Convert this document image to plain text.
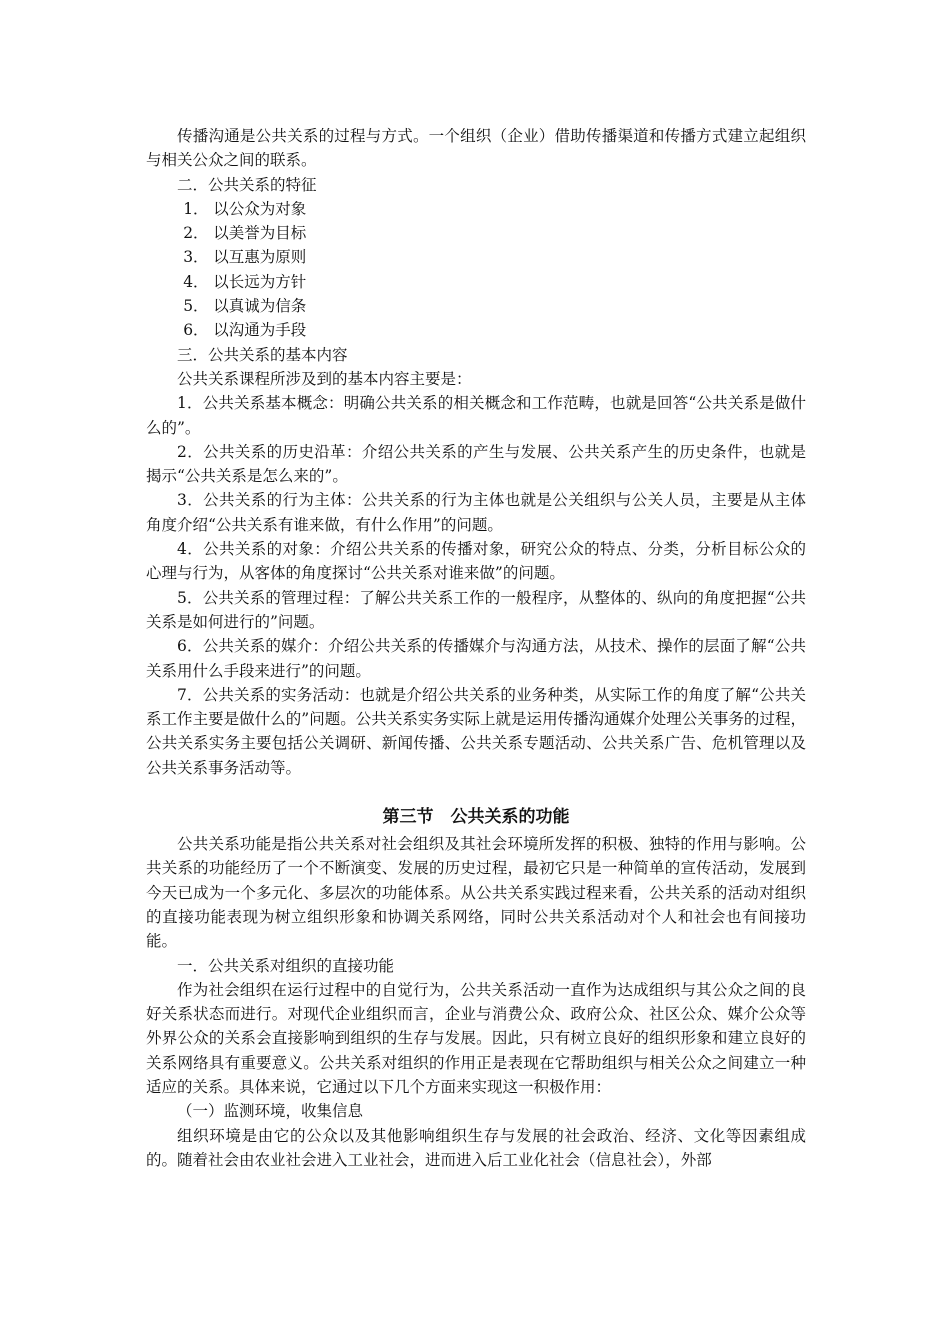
传播沟通是公共关系的过程与方式。一个组织（企业）借助传播渠道和传播方式建立起组织与相关公众之间的联系。

二．公共关系的特征

1． 以公众为对象

2． 以美誉为目标

3． 以互惠为原则

4． 以长远为方针

5． 以真诚为信条

6． 以沟通为手段

三．公共关系的基本内容

公共关系课程所涉及到的基本内容主要是：

1．公共关系基本概念：明确公共关系的相关概念和工作范畴，也就是回答“公共关系是做什么的”。

2．公共关系的历史沿革：介绍公共关系的产生与发展、公共关系产生的历史条件，也就是揭示“公共关系是怎么来的”。

3．公共关系的行为主体：公共关系的行为主体也就是公关组织与公关人员，主要是从主体角度介绍“公共关系有谁来做，有什么作用”的问题。

4．公共关系的对象：介绍公共关系的传播对象，研究公众的特点、分类，分析目标公众的心理与行为，从客体的角度探讨“公共关系对谁来做”的问题。

5．公共关系的管理过程：了解公共关系工作的一般程序，从整体的、纵向的角度把握“公共关系是如何进行的”问题。

6．公共关系的媒介：介绍公共关系的传播媒介与沟通方法，从技术、操作的层面了解“公共关系用什么手段来进行”的问题。

7．公共关系的实务活动：也就是介绍公共关系的业务种类，从实际工作的角度了解“公共关系工作主要是做什么的”问题。公共关系实务实际上就是运用传播沟通媒介处理公关事务的过程，公共关系实务主要包括公关调研、新闻传播、公共关系专题活动、公共关系广告、危机管理以及公共关系事务活动等。

第三节　公共关系的功能

公共关系功能是指公共关系对社会组织及其社会环境所发挥的积极、独特的作用与影响。公共关系的功能经历了一个不断演变、发展的历史过程，最初它只是一种简单的宣传活动，发展到今天已成为一个多元化、多层次的功能体系。从公共关系实践过程来看，公共关系的活动对组织的直接功能表现为树立组织形象和协调关系网络，同时公共关系活动对个人和社会也有间接功能。

一．公共关系对组织的直接功能

作为社会组织在运行过程中的自觉行为，公共关系活动一直作为达成组织与其公众之间的良好关系状态而进行。对现代企业组织而言，企业与消费公众、政府公众、社区公众、媒介公众等外界公众的关系会直接影响到组织的生存与发展。因此，只有树立良好的组织形象和建立良好的关系网络具有重要意义。公共关系对组织的作用正是表现在它帮助组织与相关公众之间建立一种适应的关系。具体来说，它通过以下几个方面来实现这一积极作用：

（一）监测环境，收集信息

组织环境是由它的公众以及其他影响组织生存与发展的社会政治、经济、文化等因素组成的。随着社会由农业社会进入工业社会，进而进入后工业化社会（信息社会），外部
